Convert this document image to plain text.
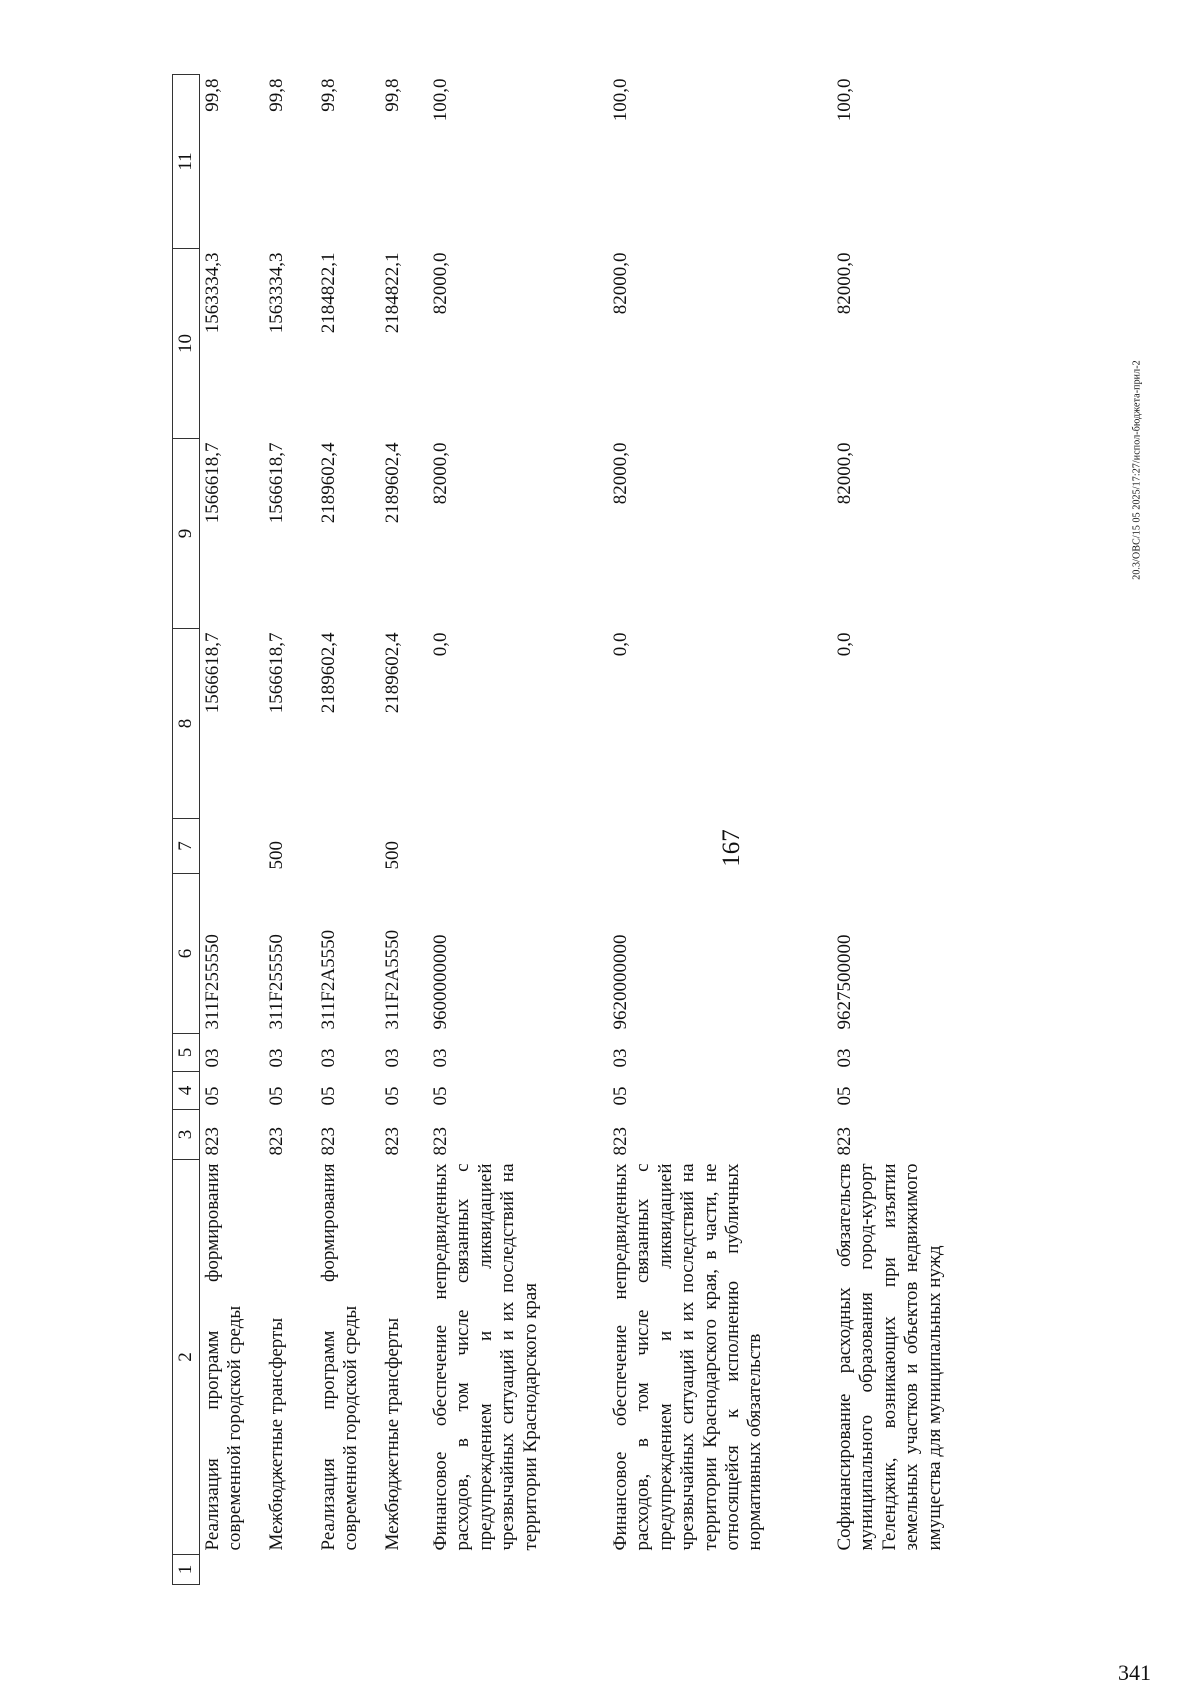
167
20.3/ОВС/15 05 2025/17:27/испол-бюджета-прил-2
341
1	2	3	4	5	6	7	8	9	10	11
	Реализация программ формирования современной городской среды	823	05	03	311F255550		1566618,7	1566618,7	1563334,3	99,8
	Межбюджетные трансферты	823	05	03	311F255550	500	1566618,7	1566618,7	1563334,3	99,8
	Реализация программ формирования современной городской среды	823	05	03	311F2A5550		2189602,4	2189602,4	2184822,1	99,8
	Межбюджетные трансферты	823	05	03	311F2A5550	500	2189602,4	2189602,4	2184822,1	99,8
	Финансовое обеспечение непредвиденных расходов, в том числе связанных с предупреждением и ликвидацией чрезвычайных ситуаций и их последствий на территории Краснодарского края	823	05	03	9600000000		0,0	82000,0	82000,0	100,0
	Финансовое обеспечение непредвиденных расходов, в том числе связанных с предупреждением и ликвидацией чрезвычайных ситуаций и их последствий на территории Краснодарского края, в части, не относящейся к исполнению публичных нормативных обязательств	823	05	03	9620000000		0,0	82000,0	82000,0	100,0
	Софинансирование расходных обязательств муниципального образования город-курорт Геленджик, возникающих при изъятии земельных участков и объектов недвижимого имущества для муниципальных нужд	823	05	03	9627500000		0,0	82000,0	82000,0	100,0
